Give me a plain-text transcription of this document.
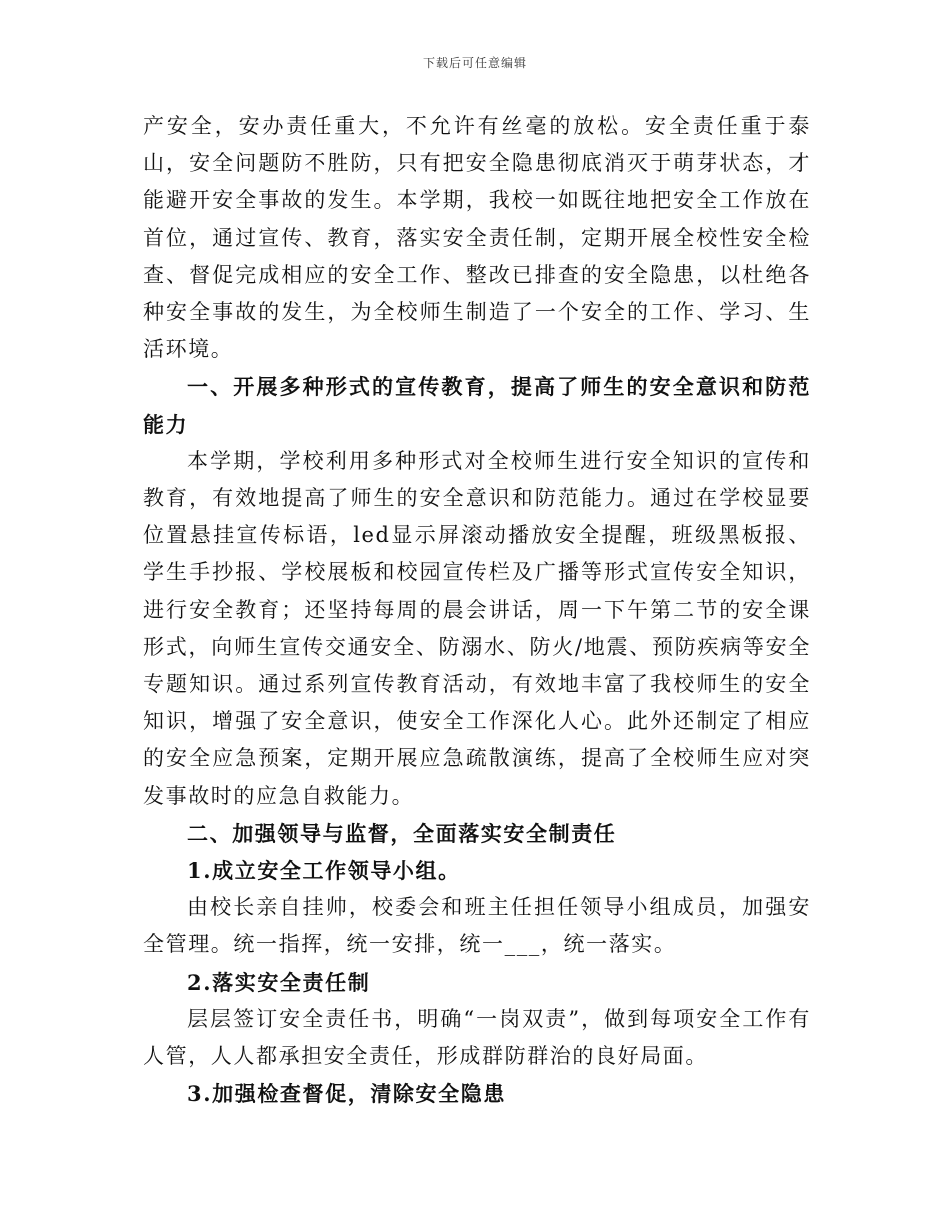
下载后可任意编辑

产安全，安办责任重大，不允许有丝毫的放松。安全责任重于泰山，安全问题防不胜防，只有把安全隐患彻底消灭于萌芽状态，才能避开安全事故的发生。本学期，我校一如既往地把安全工作放在首位，通过宣传、教育，落实安全责任制，定期开展全校性安全检查、督促完成相应的安全工作、整改已排查的安全隐患，以杜绝各种安全事故的发生，为全校师生制造了一个安全的工作、学习、生活环境。

一、开展多种形式的宣传教育，提高了师生的安全意识和防范能力

本学期，学校利用多种形式对全校师生进行安全知识的宣传和教育，有效地提高了师生的安全意识和防范能力。通过在学校显要位置悬挂宣传标语，led显示屏滚动播放安全提醒，班级黑板报、学生手抄报、学校展板和校园宣传栏及广播等形式宣传安全知识，进行安全教育；还坚持每周的晨会讲话，周一下午第二节的安全课形式，向师生宣传交通安全、防溺水、防火/地震、预防疾病等安全专题知识。通过系列宣传教育活动，有效地丰富了我校师生的安全知识，增强了安全意识，使安全工作深化人心。此外还制定了相应的安全应急预案，定期开展应急疏散演练，提高了全校师生应对突发事故时的应急自救能力。

二、加强领导与监督，全面落实安全制责任

1.成立安全工作领导小组。

由校长亲自挂帅，校委会和班主任担任领导小组成员，加强安全管理。统一指挥，统一安排，统一___，统一落实。

2.落实安全责任制

层层签订安全责任书，明确“一岗双责”，做到每项安全工作有人管，人人都承担安全责任，形成群防群治的良好局面。

3.加强检查督促，清除安全隐患
